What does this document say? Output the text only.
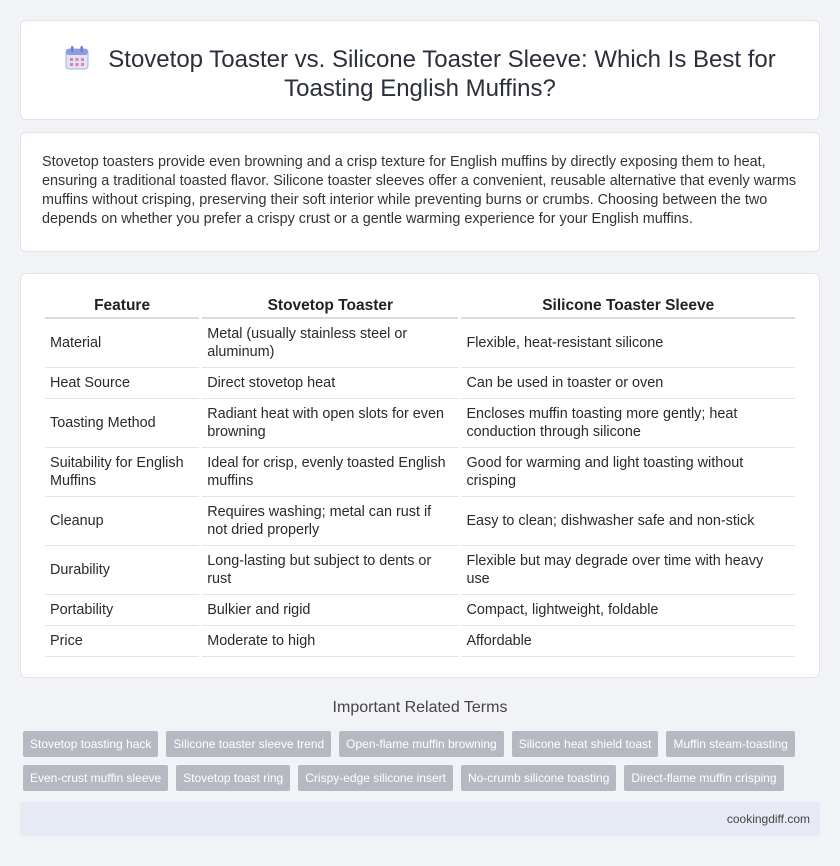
Stovetop Toaster vs. Silicone Toaster Sleeve: Which Is Best for Toasting English Muffins?

Stovetop toasters provide even browning and a crisp texture for English muffins by directly exposing them to heat, ensuring a traditional toasted flavor. Silicone toaster sleeves offer a convenient, reusable alternative that evenly warms muffins without crisping, preserving their soft interior while preventing burns or crumbs. Choosing between the two depends on whether you prefer a crispy crust or a gentle warming experience for your English muffins.

Feature	Stovetop Toaster	Silicone Toaster Sleeve
Material	Metal (usually stainless steel or aluminum)	Flexible, heat-resistant silicone
Heat Source	Direct stovetop heat	Can be used in toaster or oven
Toasting Method	Radiant heat with open slots for even browning	Encloses muffin toasting more gently; heat conduction through silicone
Suitability for English Muffins	Ideal for crisp, evenly toasted English muffins	Good for warming and light toasting without crisping
Cleanup	Requires washing; metal can rust if not dried properly	Easy to clean; dishwasher safe and non-stick
Durability	Long-lasting but subject to dents or rust	Flexible but may degrade over time with heavy use
Portability	Bulkier and rigid	Compact, lightweight, foldable
Price	Moderate to high	Affordable
Important Related Terms
Stovetop toasting hack	Silicone toaster sleeve trend	Open-flame muffin browning	Silicone heat shield toast	Muffin steam-toasting
Even-crust muffin sleeve	Stovetop toast ring	Crispy-edge silicone insert	No-crumb silicone toasting	Direct-flame muffin crisping
cookingdiff.com
